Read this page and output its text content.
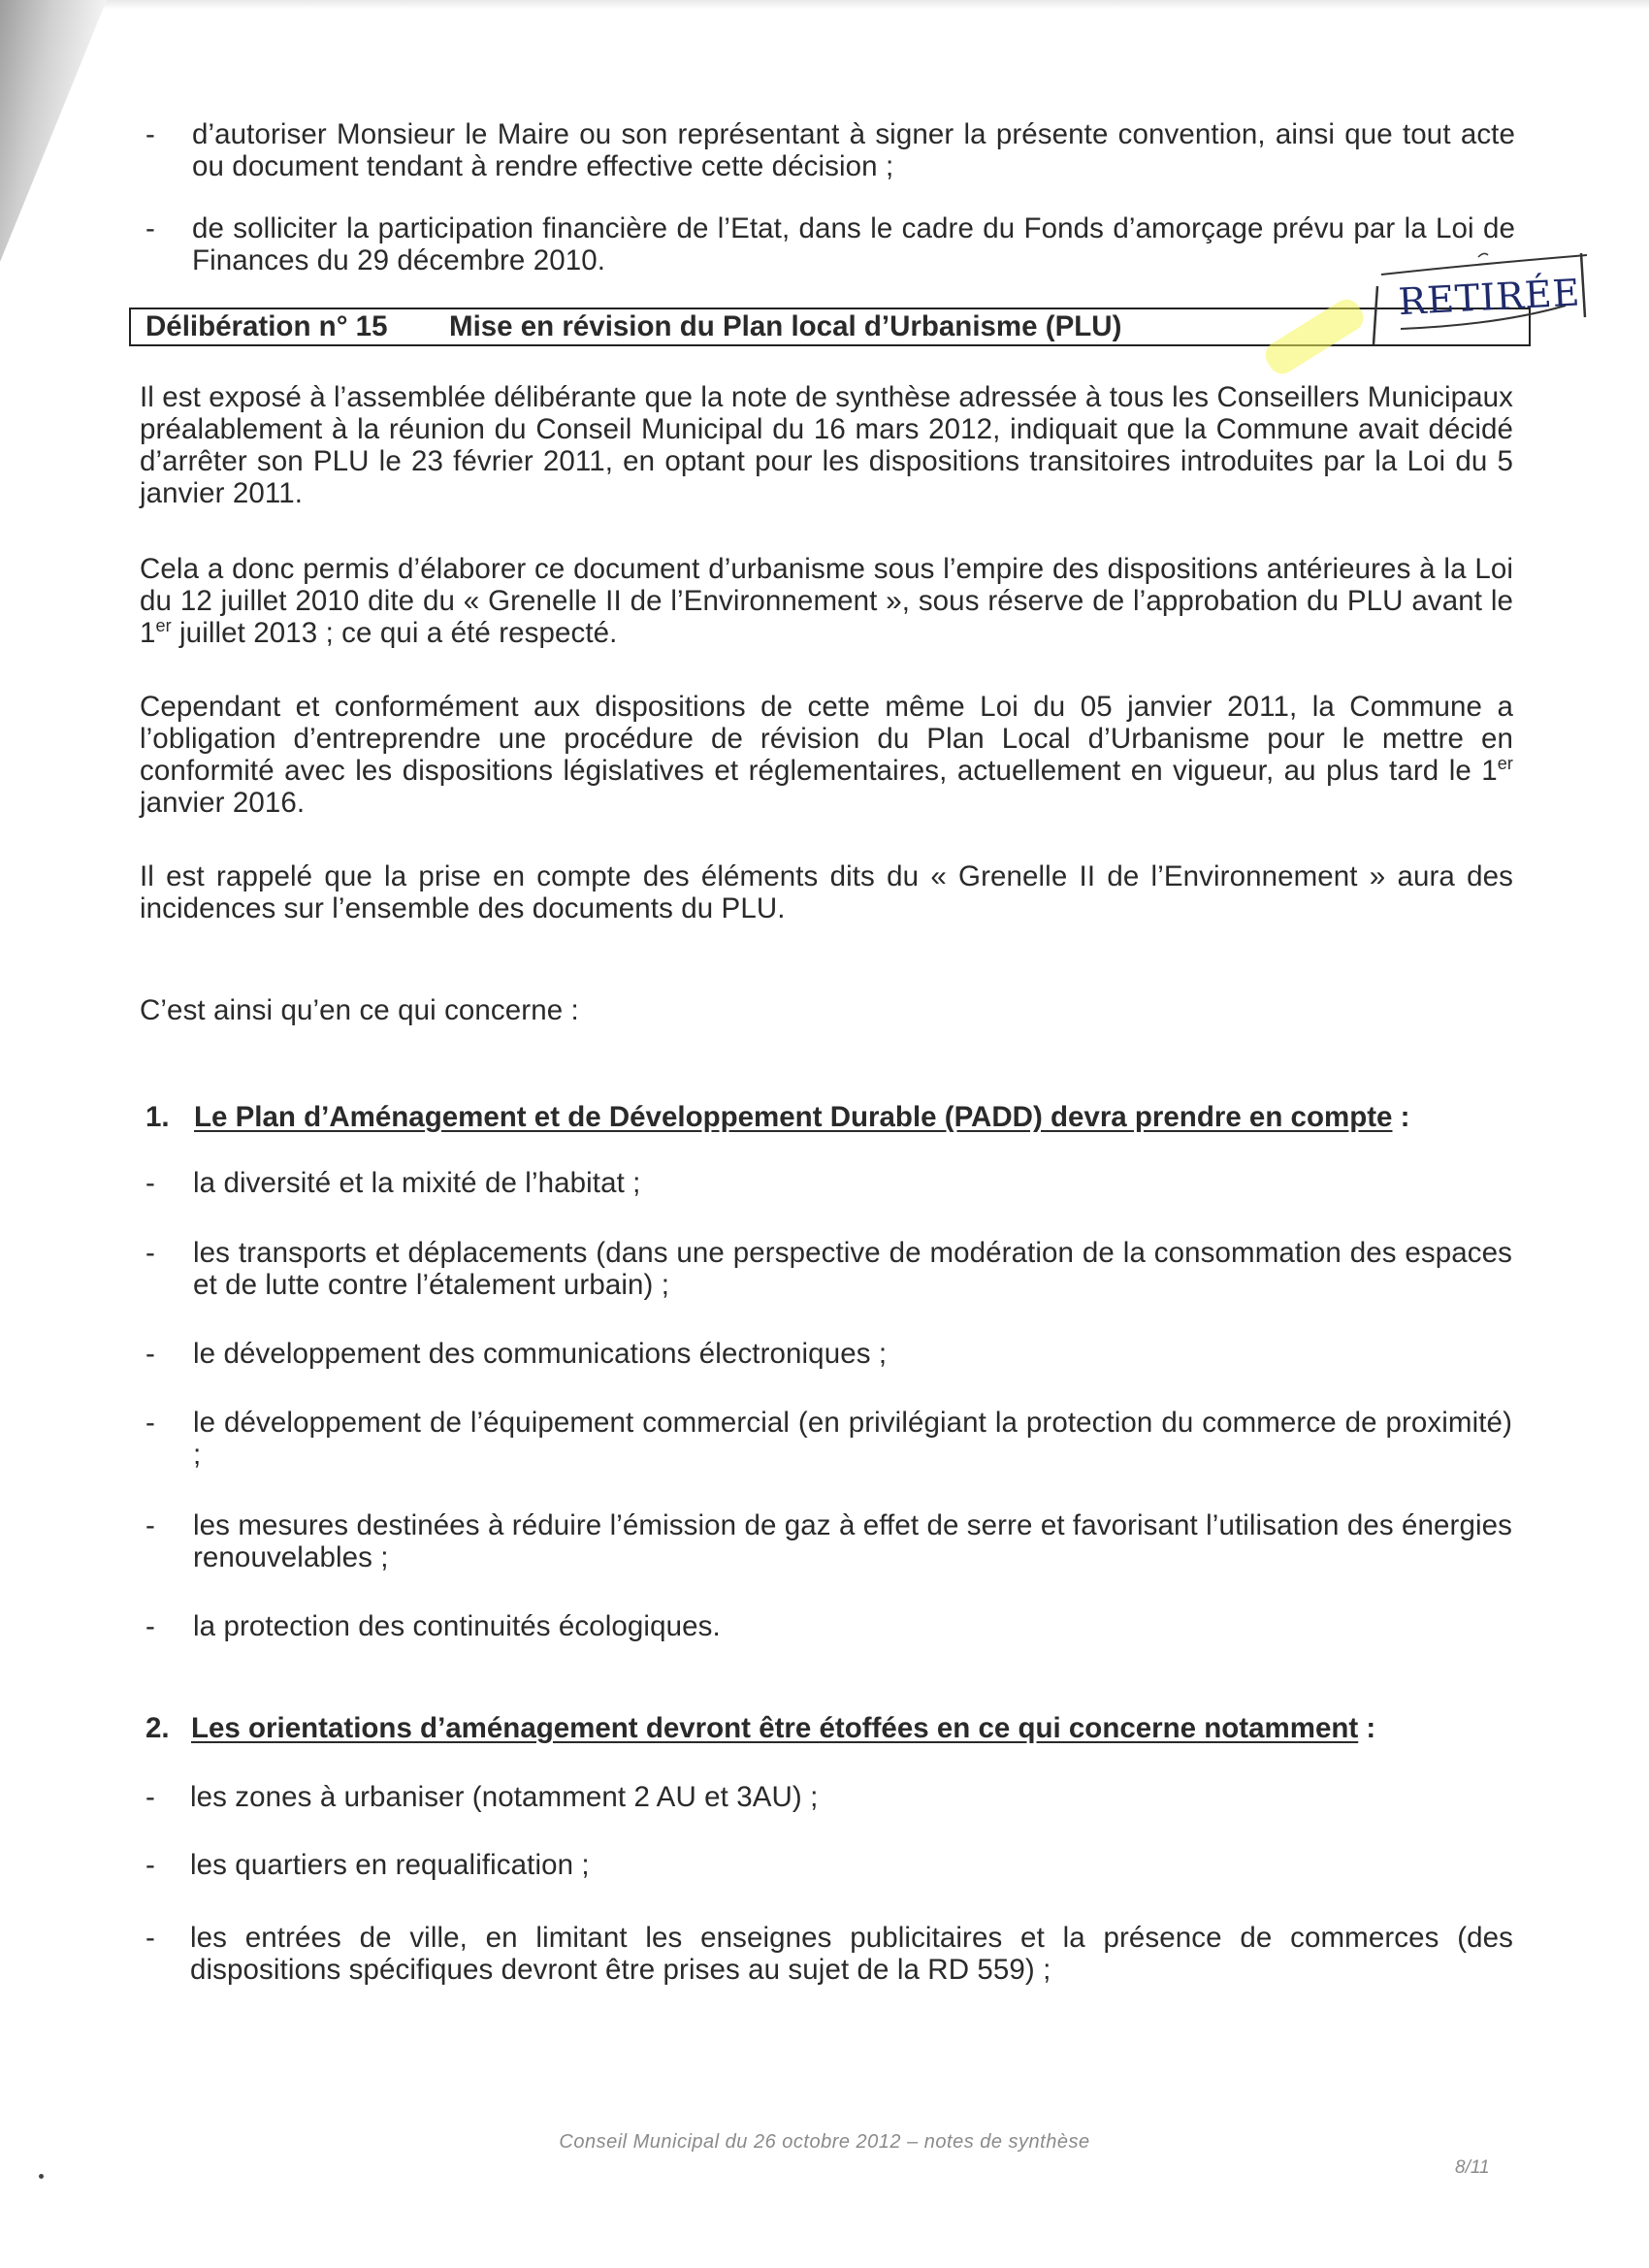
- d’autoriser Monsieur le Maire ou son représentant à signer la présente convention, ainsi que tout acte ou document tendant à rendre effective cette décision ;
- de solliciter la participation financière de l’Etat, dans le cadre du Fonds d’amorçage prévu par la Loi de Finances du 29 décembre 2010.
Délibération n° 15 Mise en révision du Plan local d’Urbanisme (PLU)
RETIRÉE
Il est exposé à l’assemblée délibérante que la note de synthèse adressée à tous les Conseillers Municipaux préalablement à la réunion du Conseil Municipal du 16 mars 2012, indiquait que la Commune avait décidé d’arrêter son PLU le 23 février 2011, en optant pour les dispositions transitoires introduites par la Loi du 5 janvier 2011.
Cela a donc permis d’élaborer ce document d’urbanisme sous l’empire des dispositions antérieures à la Loi du 12 juillet 2010 dite du « Grenelle II de l’Environnement », sous réserve de l’approbation du PLU avant le 1er juillet 2013 ; ce qui a été respecté.
Cependant et conformément aux dispositions de cette même Loi du 05 janvier 2011, la Commune a l’obligation d’entreprendre une procédure de révision du Plan Local d’Urbanisme pour le mettre en conformité avec les dispositions législatives et réglementaires, actuellement en vigueur, au plus tard le 1er janvier 2016.
Il est rappelé que la prise en compte des éléments dits du « Grenelle II de l’Environnement » aura des incidences sur l’ensemble des documents du PLU.
C’est ainsi qu’en ce qui concerne :
1. Le Plan d’Aménagement et de Développement Durable (PADD) devra prendre en compte :
- la diversité et la mixité de l’habitat ;
- les transports et déplacements (dans une perspective de modération de la consommation des espaces et de lutte contre l’étalement urbain) ;
- le développement des communications électroniques ;
- le développement de l’équipement commercial (en privilégiant la protection du commerce de proximité) ;
- les mesures destinées à réduire l’émission de gaz à effet de serre et favorisant l’utilisation des énergies renouvelables ;
- la protection des continuités écologiques.
2. Les orientations d’aménagement devront être étoffées en ce qui concerne notamment :
- les zones à urbaniser (notamment 2 AU et 3AU) ;
- les quartiers en requalification ;
- les entrées de ville, en limitant les enseignes publicitaires et la présence de commerces (des dispositions spécifiques devront être prises au sujet de la RD 559) ;
Conseil Municipal du 26 octobre 2012 – notes de synthèse
8/11
